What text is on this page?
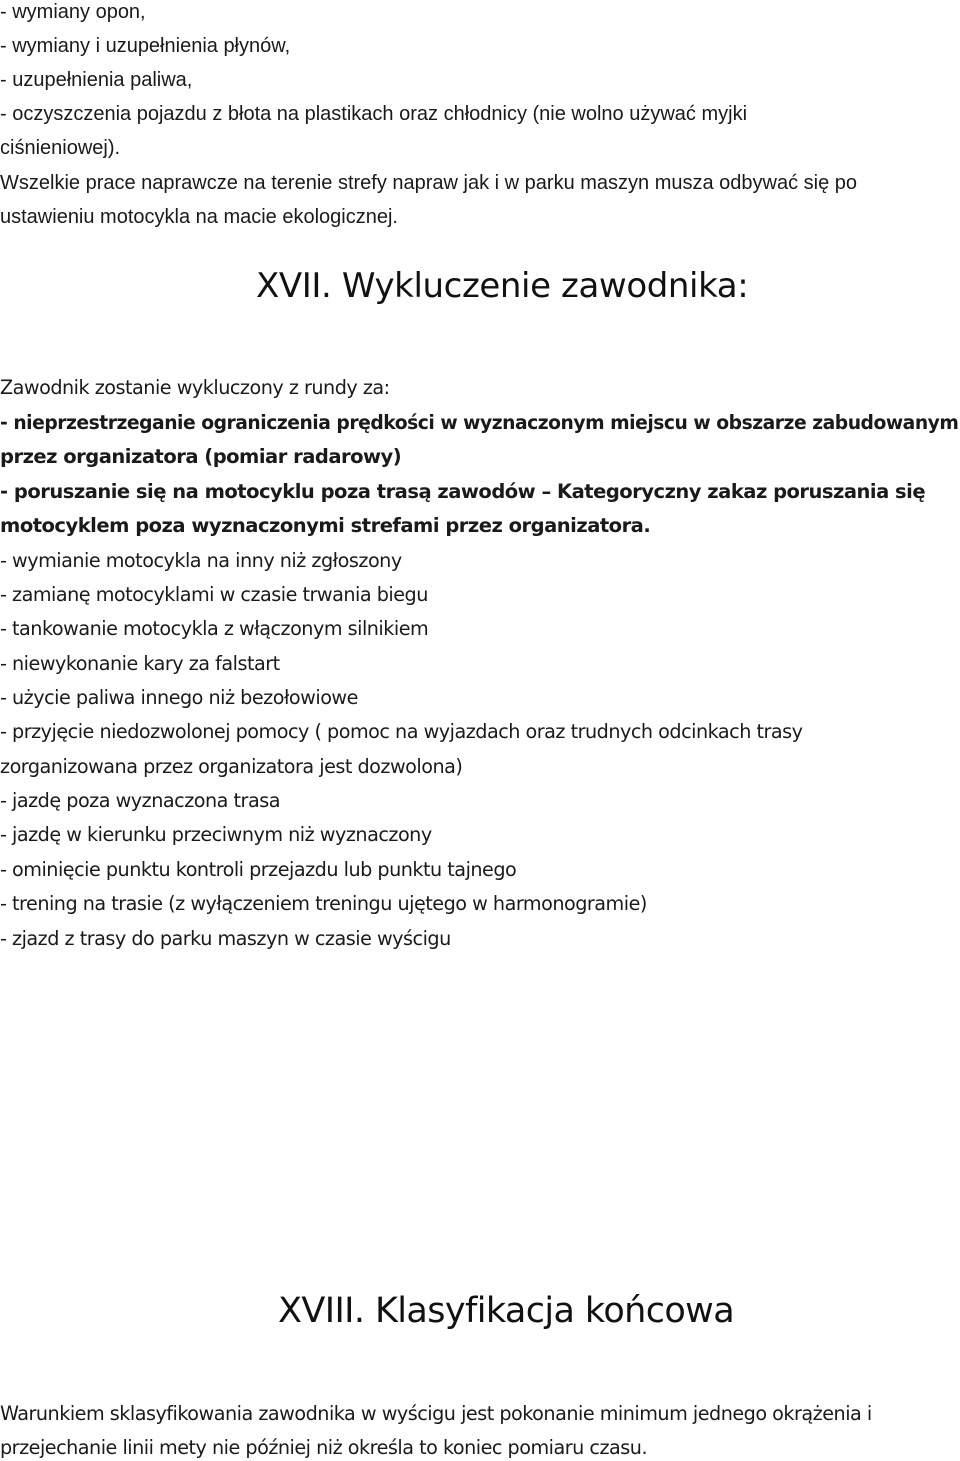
- wymiany opon,
- wymiany i uzupełnienia płynów,
- uzupełnienia paliwa,
- oczyszczenia pojazdu z błota na plastikach oraz chłodnicy (nie wolno używać myjki
ciśnieniowej).
Wszelkie prace naprawcze na terenie strefy napraw jak i w parku maszyn musza odbywać się po
ustawieniu motocykla na macie ekologicznej.
XVII. Wykluczenie zawodnika:
Zawodnik zostanie wykluczony z rundy za:
- nieprzestrzeganie ograniczenia prędkości w wyznaczonym miejscu w obszarze zabudowanym
przez organizatora (pomiar radarowy)
- poruszanie się na motocyklu poza trasą zawodów – Kategoryczny zakaz poruszania się
motocyklem poza wyznaczonymi strefami przez organizatora.
- wymianie motocykla na inny niż zgłoszony
- zamianę motocyklami w czasie trwania biegu
- tankowanie motocykla z włączonym silnikiem
- niewykonanie kary za falstart
- użycie paliwa innego niż bezołowiowe
- przyjęcie niedozwolonej pomocy ( pomoc na wyjazdach oraz trudnych odcinkach trasy
zorganizowana przez organizatora jest dozwolona)
- jazdę poza wyznaczona trasa
- jazdę w kierunku przeciwnym niż wyznaczony
- ominięcie punktu kontroli przejazdu lub punktu tajnego
- trening na trasie (z wyłączeniem treningu ujętego w harmonogramie)
- zjazd z trasy do parku maszyn w czasie wyścigu
XVIII. Klasyfikacja końcowa
Warunkiem sklasyfikowania zawodnika w wyścigu jest pokonanie minimum jednego okrążenia i
przejechanie linii mety nie później niż określa to koniec pomiaru czasu.
